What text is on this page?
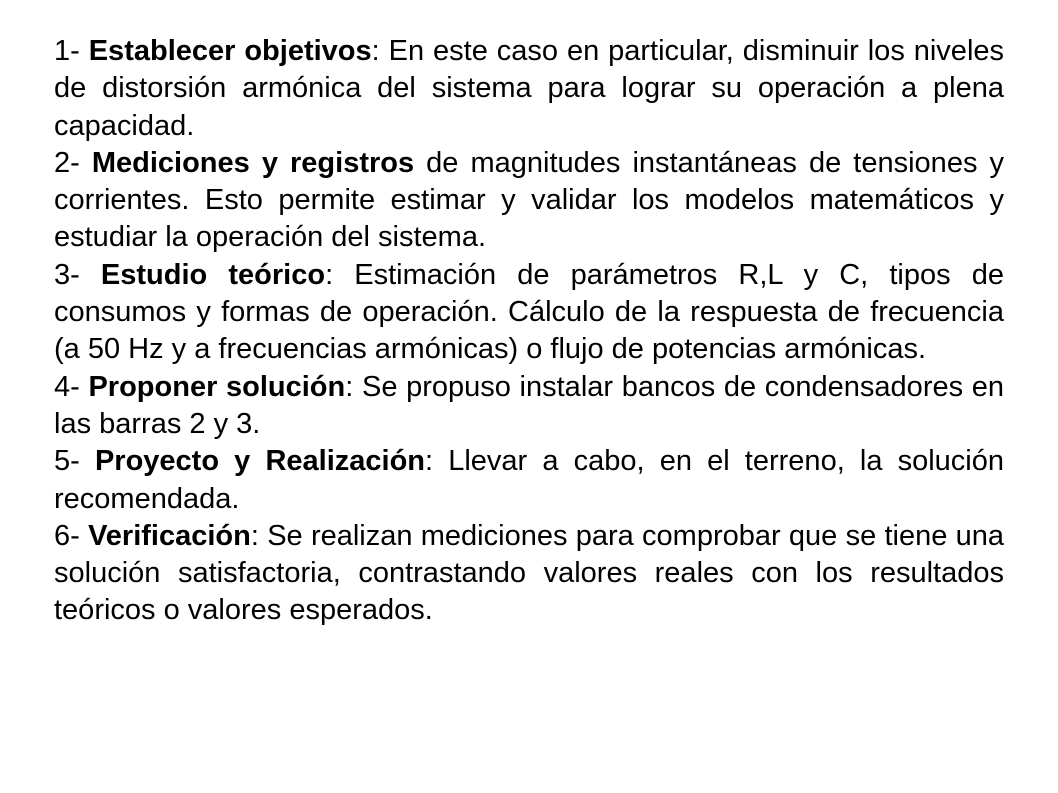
1- Establecer objetivos: En este caso en particular, disminuir los niveles de distorsión armónica del sistema para lograr su operación a plena capacidad.

2- Mediciones y registros de magnitudes instantáneas de tensiones y corrientes. Esto permite estimar y validar los modelos matemáticos y estudiar la operación del sistema.

3- Estudio teórico: Estimación de parámetros R,L y C, tipos de consumos y formas de operación. Cálculo de la respuesta de frecuencia (a 50 Hz y a frecuencias armónicas) o flujo de potencias armónicas.

4- Proponer solución: Se propuso instalar bancos de condensadores en las barras 2 y 3.

5- Proyecto y Realización: Llevar a cabo, en el terreno, la solución recomendada.

6- Verificación: Se realizan mediciones para comprobar que se tiene una solución satisfactoria, contrastando valores reales con los resultados teóricos o valores esperados.
